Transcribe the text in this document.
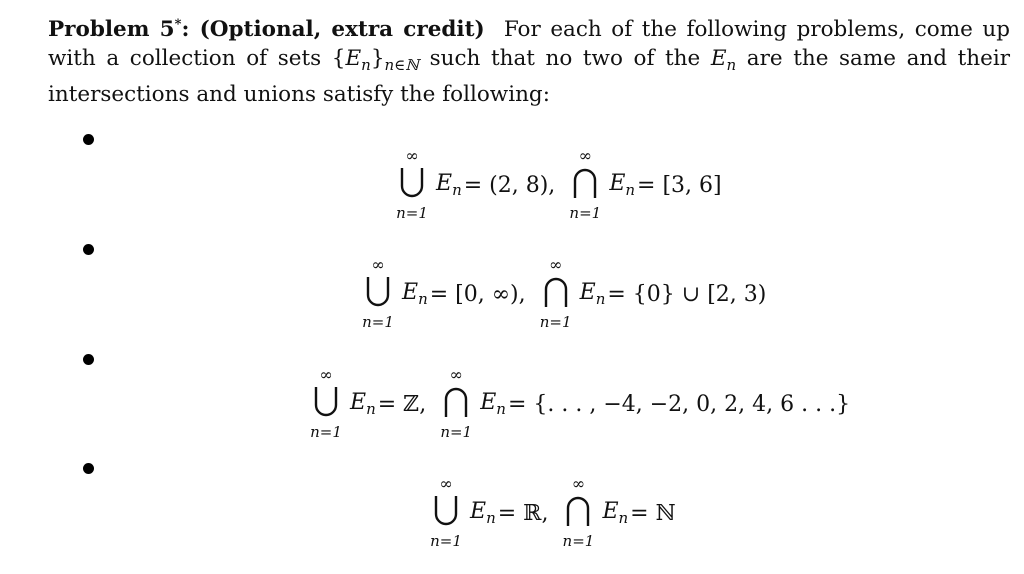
Problem 5*: (Optional, extra credit) For each of the following problems, come up with a collection of sets $\{E_n\}_{n\in ℕ}$ such that no two of the $E_n$ are the same and their intersections and unions satisfy the following:
∞
n=1
$E_n = (2$, 8),
∞
n=1
$E_n = [3$, 6]
∞
n=1
$E_n = [0$, ∞),
∞
n=1
$E_n = \{0\}$ ∪ [2, 3)
∞
n=1
$E_n$ = ℤ,
∞
n=1
$E_n$ = {. . . , −4, −2, 0, 2, 4, 6 . . .}
∞
n=1
$E_n$ = ℝ,
∞
n=1
$E_n$ = ℕ
